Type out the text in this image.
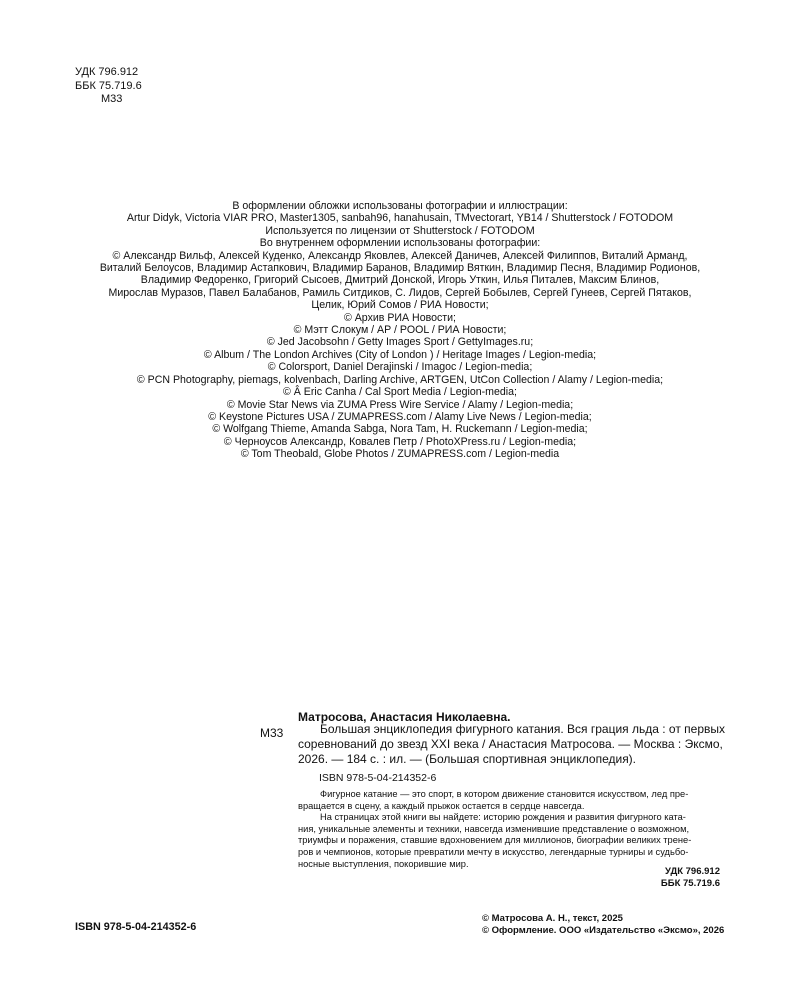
УДК 796.912
ББК 75.719.6
М33
В оформлении обложки использованы фотографии и иллюстрации:
Artur Didyk, Victoria VIAR PRO, Master1305, sanbah96, hanahusain, TMvectorart, YB14 / Shutterstock / FOTODOM
Используется по лицензии от Shutterstock / FOTODOM
Во внутреннем оформлении использованы фотографии:
© Александр Вильф, Алексей Куденко, Александр Яковлев, Алексей Даничев, Алексей Филиппов, Виталий Арманд,
Виталий Белоусов, Владимир Астапкович, Владимир Баранов, Владимир Вяткин, Владимир Песня, Владимир Родионов,
Владимир Федоренко, Григорий Сысоев, Дмитрий Донской, Игорь Уткин, Илья Питалев, Максим Блинов,
Мирослав Муразов, Павел Балабанов, Рамиль Ситдиков, С. Лидов, Сергей Бобылев, Сергей Гунеев, Сергей Пятаков,
Целик, Юрий Сомов / РИА Новости;
© Архив РИА Новости;
© Мэтт Слокум / AP / POOL / РИА Новости;
© Jed Jacobsohn / Getty Images Sport / GettyImages.ru;
© Album / The London Archives (City of London ) / Heritage Images / Legion-media;
© Colorsport, Daniel Derajinski / Imagoc / Legion-media;
© PCN Photography, piemags, kolvenbach, Darling Archive, ARTGEN, UtCon Collection / Alamy / Legion-media;
© Â Eric Canha / Cal Sport Media / Legion-media;
© Movie Star News via ZUMA Press Wire Service / Alamy / Legion-media;
© Keystone Pictures USA / ZUMAPRESS.com / Alamy Live News / Legion-media;
© Wolfgang Thieme, Amanda Sabga, Nora Tam, H. Ruckemann / Legion-media;
© Черноусов Александр, Ковалев Петр / PhotoXPress.ru / Legion-media;
© Tom Theobald, Globe Photos / ZUMAPRESS.com / Legion-media
Матросова, Анастасия Николаевна.
М33	Большая энциклопедия фигурного катания. Вся грация льда : от первых
соревнований до звезд XXI века / Анастасия Матросова. — Москва : Эксмо,
2026. — 184 с. : ил. — (Большая спортивная энциклопедия).
ISBN 978-5-04-214352-6
Фигурное катание — это спорт, в котором движение становится искусством, лед пре-
вращается в сцену, а каждый прыжок остается в сердце навсегда.
На страницах этой книги вы найдете: историю рождения и развития фигурного ката-
ния, уникальные элементы и техники, навсегда изменившие представление о возможном,
триумфы и поражения, ставшие вдохновением для миллионов, биографии великих трене-
ров и чемпионов, которые превратили мечту в искусство, легендарные турниры и судьбо-
носные выступления, покорившие мир.
УДК 796.912
ББК 75.719.6
ISBN 978-5-04-214352-6
© Матросова А. Н., текст, 2025
© Оформление. ООО «Издательство «Эксмо», 2026
